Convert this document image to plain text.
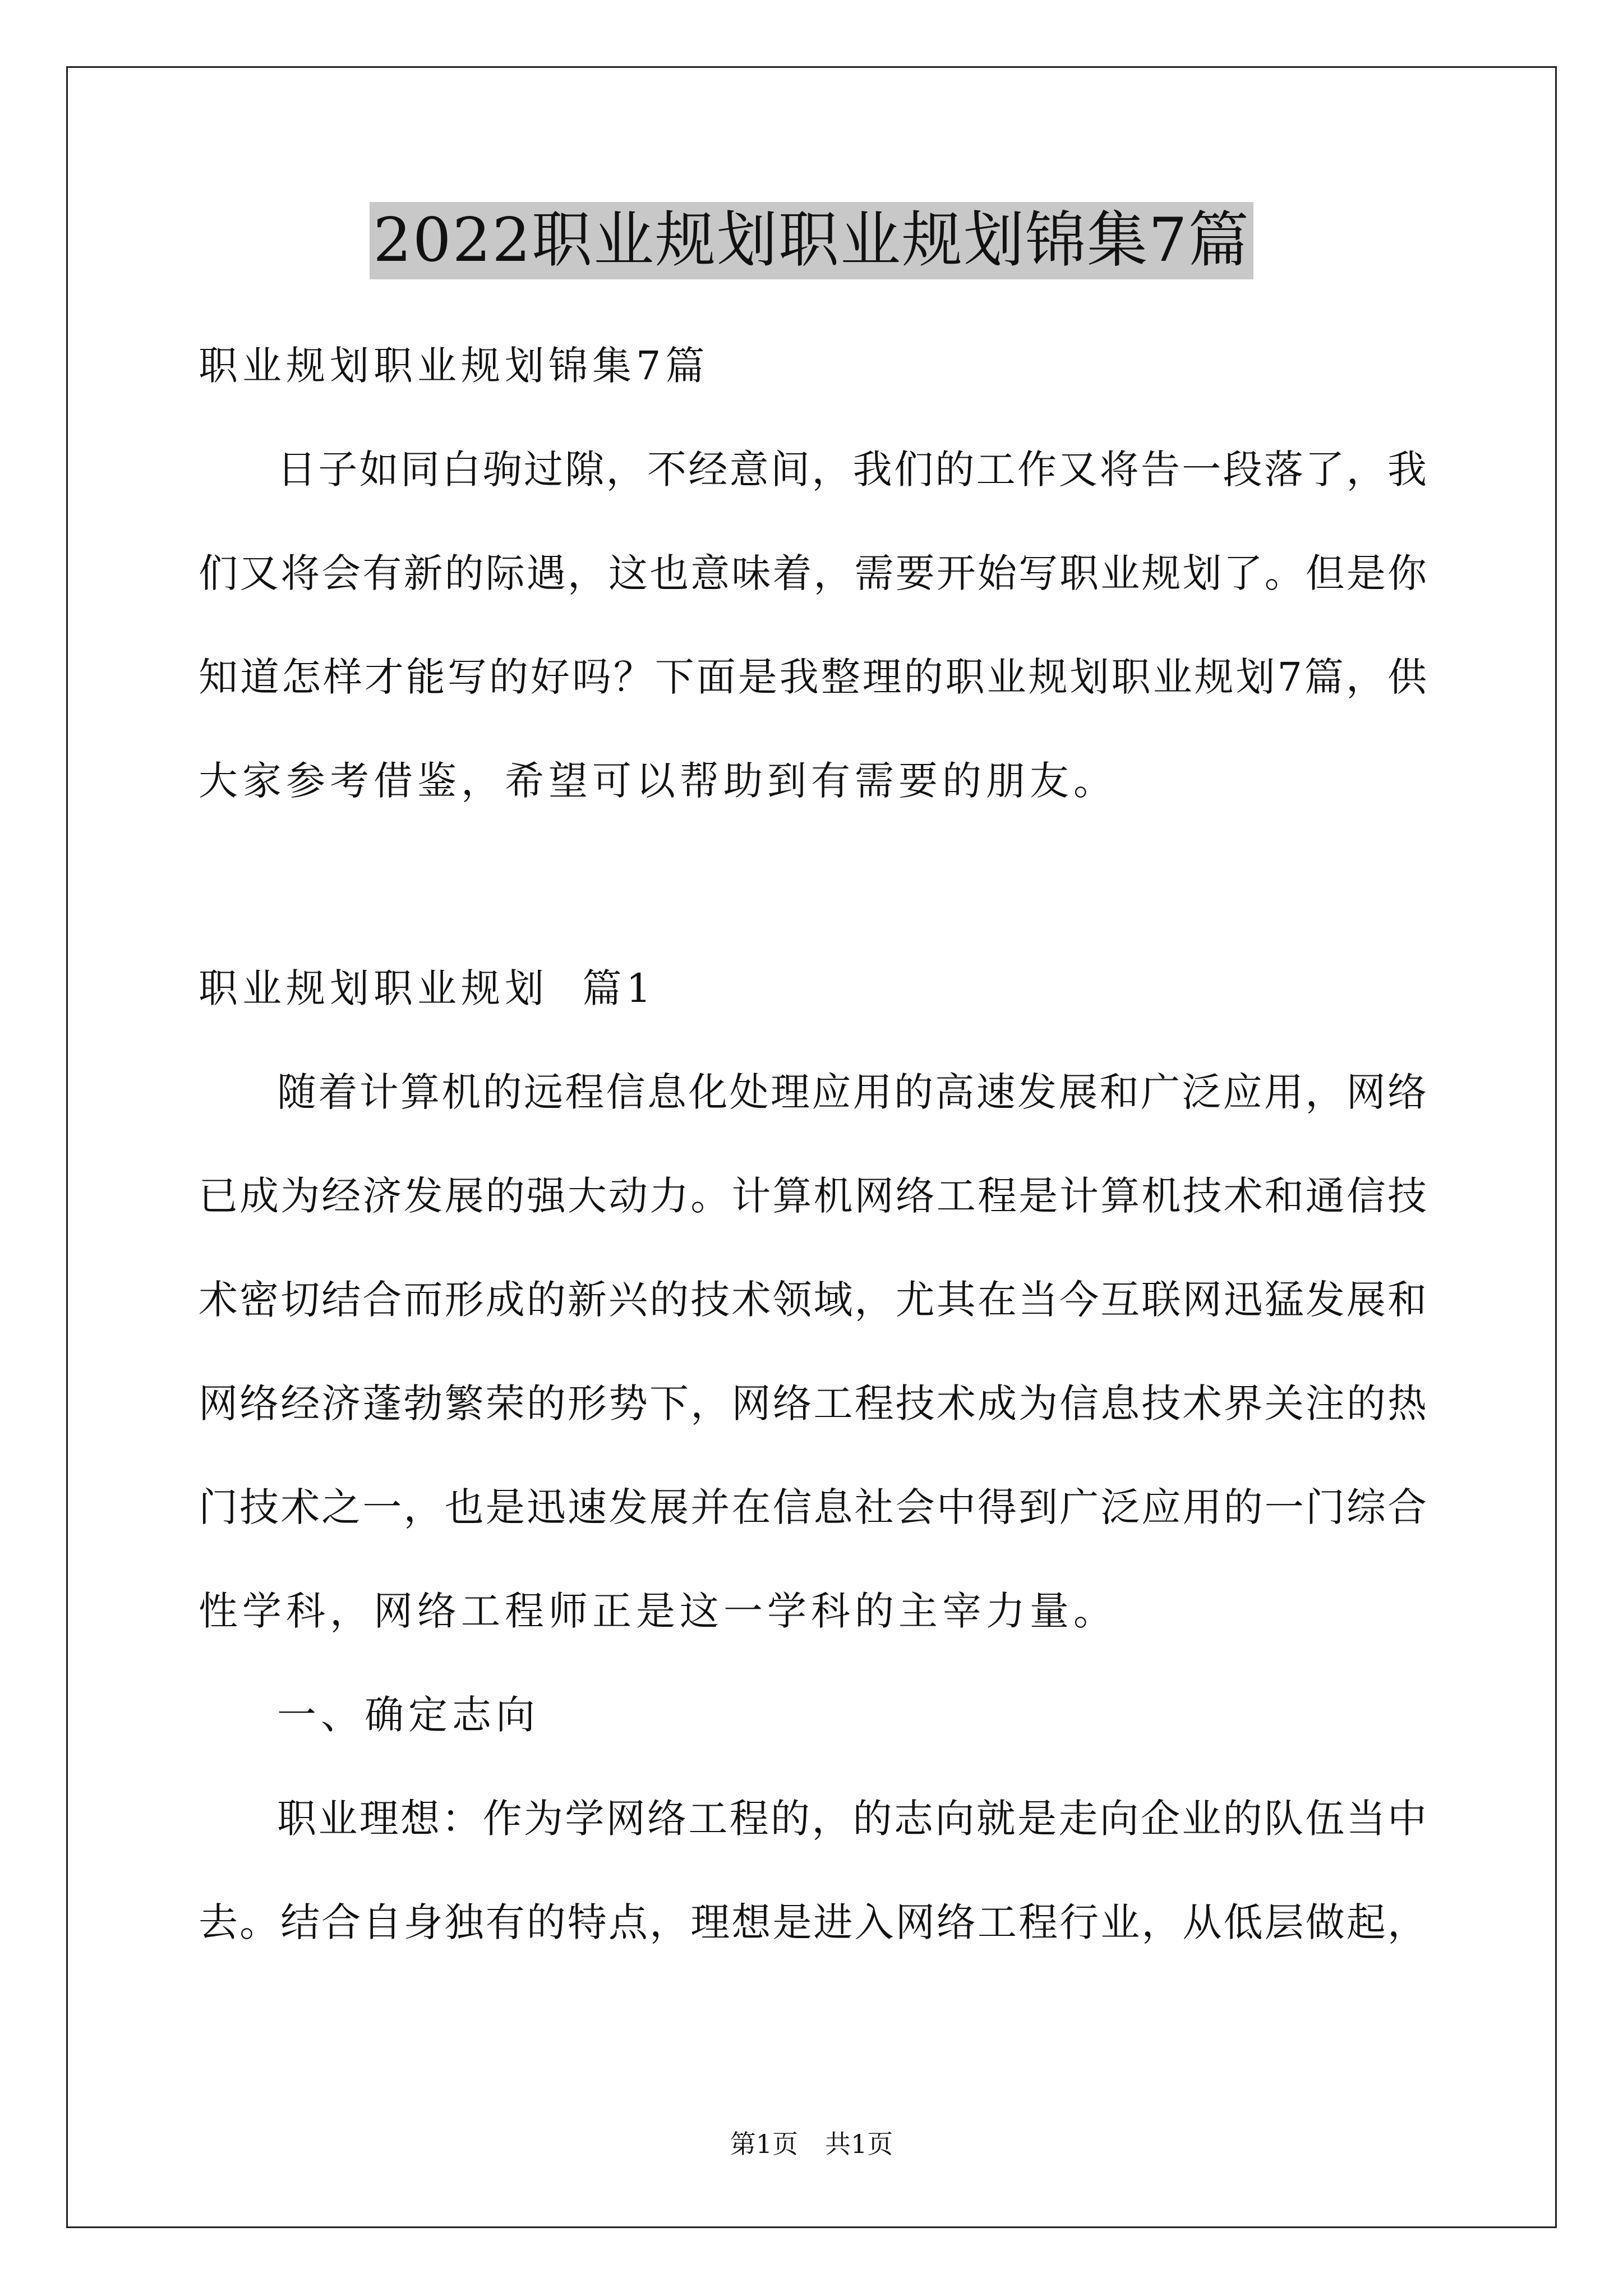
2022职业规划职业规划锦集7篇
职业规划职业规划锦集7篇
日子如同白驹过隙，不经意间，我们的工作又将告一段落了，我
们又将会有新的际遇，这也意味着，需要开始写职业规划了。但是你
知道怎样才能写的好吗？下面是我整理的职业规划职业规划7篇，供
大家参考借鉴，希望可以帮助到有需要的朋友。
职业规划职业规划  篇1
随着计算机的远程信息化处理应用的高速发展和广泛应用，网络
已成为经济发展的强大动力。计算机网络工程是计算机技术和通信技
术密切结合而形成的新兴的技术领域，尤其在当今互联网迅猛发展和
网络经济蓬勃繁荣的形势下，网络工程技术成为信息技术界关注的热
门技术之一，也是迅速发展并在信息社会中得到广泛应用的一门综合
性学科，网络工程师正是这一学科的主宰力量。
一、确定志向
职业理想：作为学网络工程的，的志向就是走向企业的队伍当中
去。结合自身独有的特点，理想是进入网络工程行业，从低层做起，
第1页 共1页
